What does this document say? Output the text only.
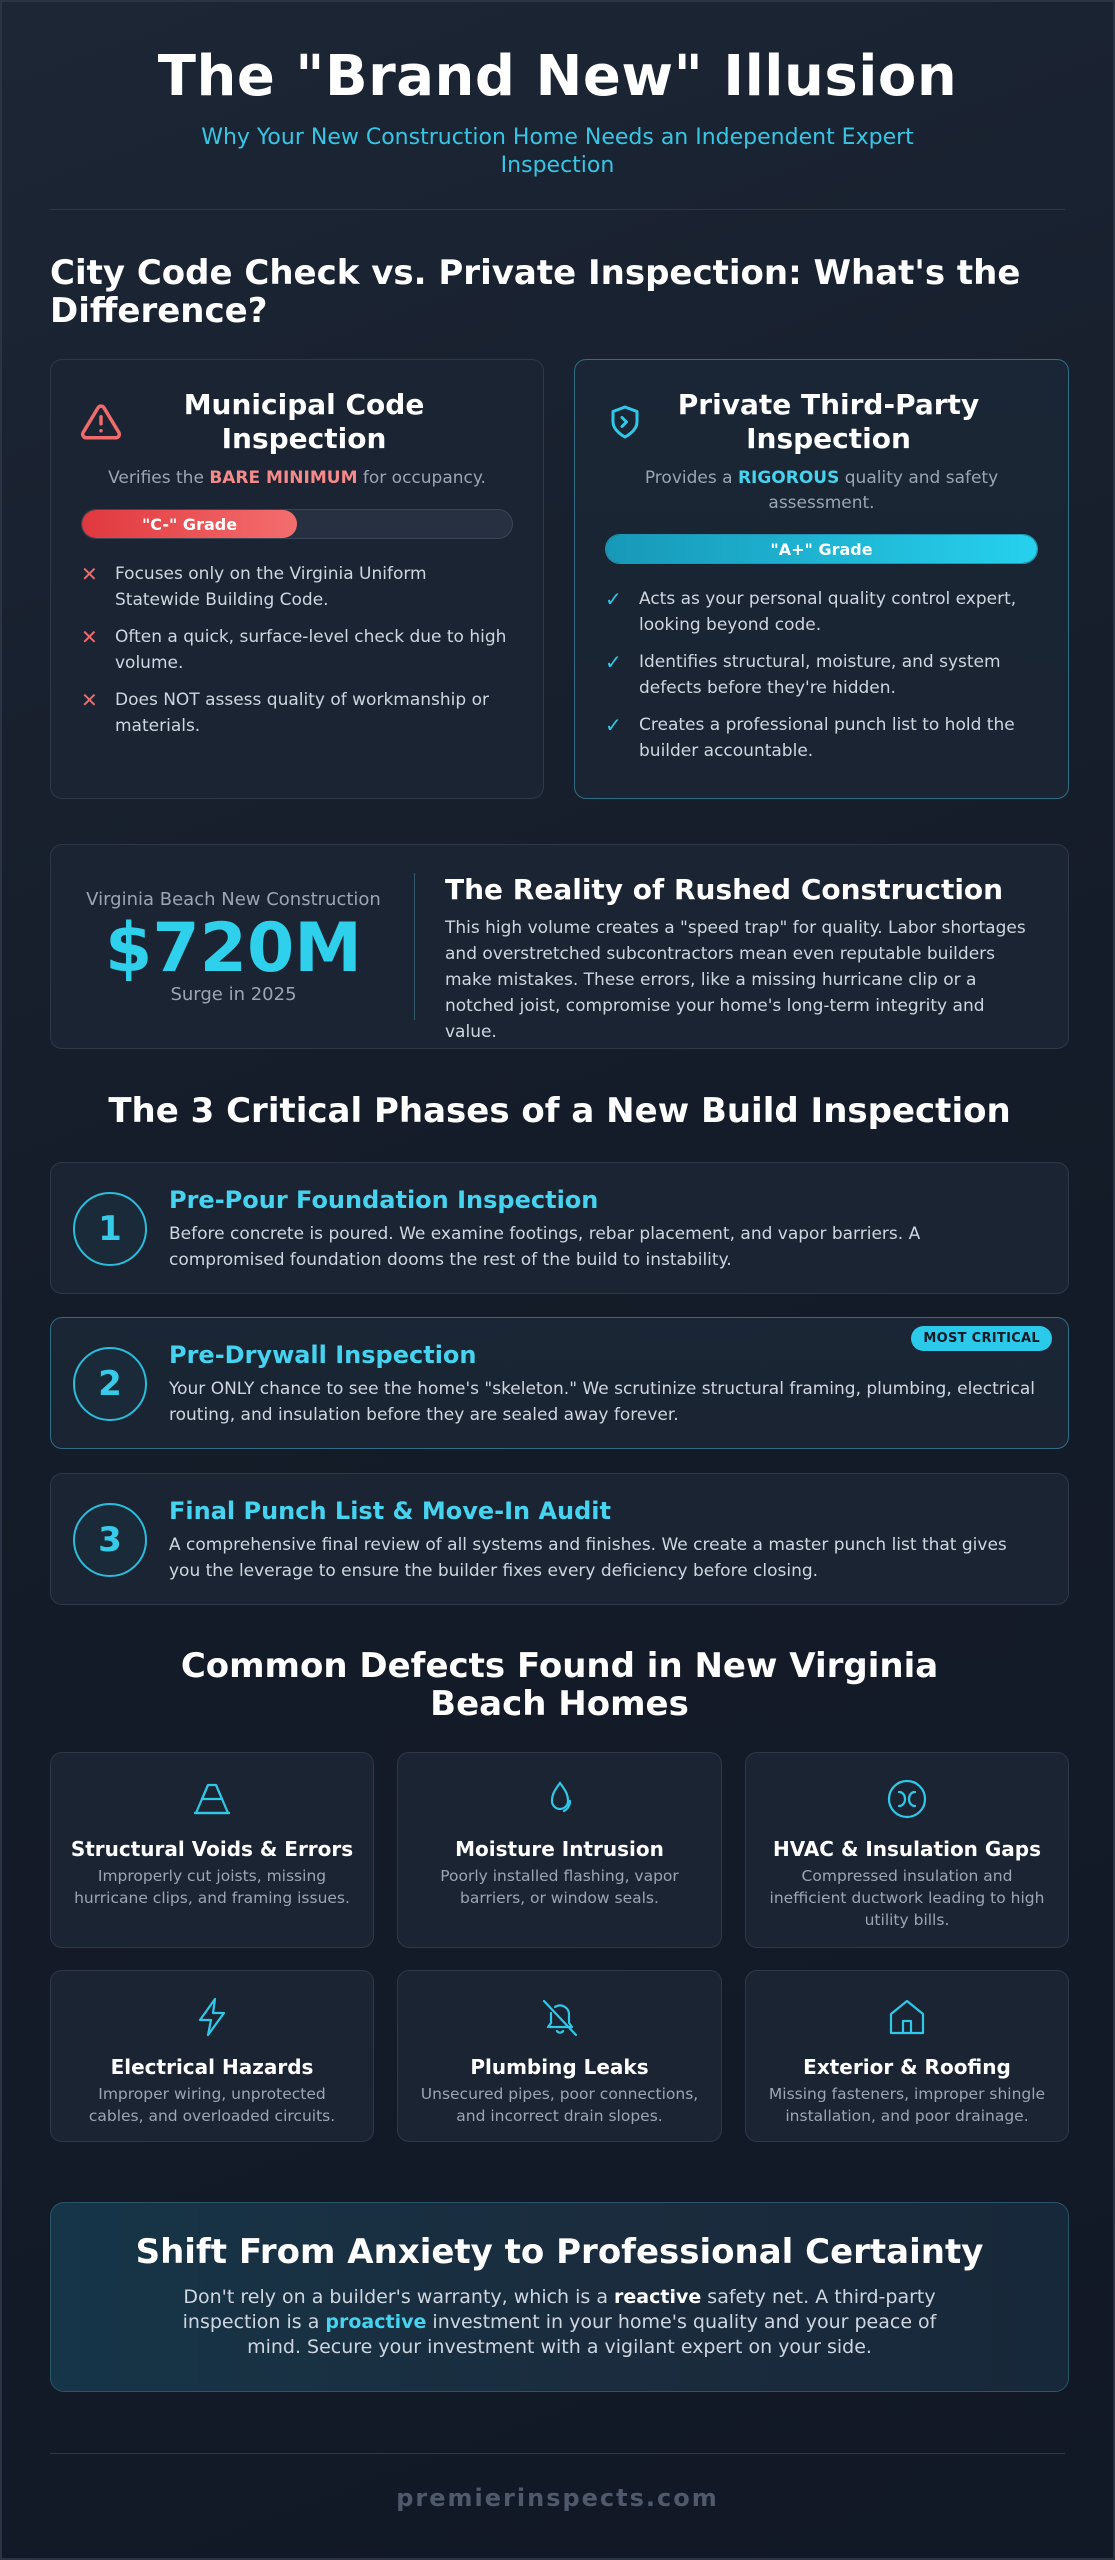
The "Brand New" Illusion
Why Your New Construction Home Needs an Independent Expert Inspection
City Code Check vs. Private Inspection: What's the Difference?
Municipal Code Inspection
Verifies the BARE MINIMUM for occupancy.
"C-" Grade
✕	Focuses only on the Virginia Uniform Statewide Building Code.
✕	Often a quick, surface-level check due to high volume.
✕	Does NOT assess quality of workmanship or materials.
Private Third-Party Inspection
Provides a RIGOROUS quality and safety assessment.
"A+" Grade
✓	Acts as your personal quality control expert, looking beyond code.
✓	Identifies structural, moisture, and system defects before they're hidden.
✓	Creates a professional punch list to hold the builder accountable.
Virginia Beach New Construction
$720M
Surge in 2025
The Reality of Rushed Construction

This high volume creates a "speed trap" for quality. Labor shortages and overstretched subcontractors mean even reputable builders make mistakes. These errors, like a missing hurricane clip or a notched joist, compromise your home's long-term integrity and value.

The 3 Critical Phases of a New Build Inspection
1
Pre-Pour Foundation Inspection
Before concrete is poured. We examine footings, rebar placement, and vapor barriers. A compromised foundation dooms the rest of the build to instability.
MOST CRITICAL
2
Pre-Drywall Inspection
Your ONLY chance to see the home's "skeleton." We scrutinize structural framing, plumbing, electrical routing, and insulation before they are sealed away forever.
3
Final Punch List & Move-In Audit
A comprehensive final review of all systems and finishes. We create a master punch list that gives you the leverage to ensure the builder fixes every deficiency before closing.
Common Defects Found in New Virginia Beach Homes
Structural Voids & Errors
Improperly cut joists, missing hurricane clips, and framing issues.
Moisture Intrusion
Poorly installed flashing, vapor barriers, or window seals.
HVAC & Insulation Gaps
Compressed insulation and inefficient ductwork leading to high utility bills.
Electrical Hazards
Improper wiring, unprotected cables, and overloaded circuits.
Plumbing Leaks
Unsecured pipes, poor connections, and incorrect drain slopes.
Exterior & Roofing
Missing fasteners, improper shingle installation, and poor drainage.
Shift From Anxiety to Professional Certainty

Don't rely on a builder's warranty, which is a reactive safety net. A third-party inspection is a proactive investment in your home's quality and your peace of mind. Secure your investment with a vigilant expert on your side.

premierinspects.com
